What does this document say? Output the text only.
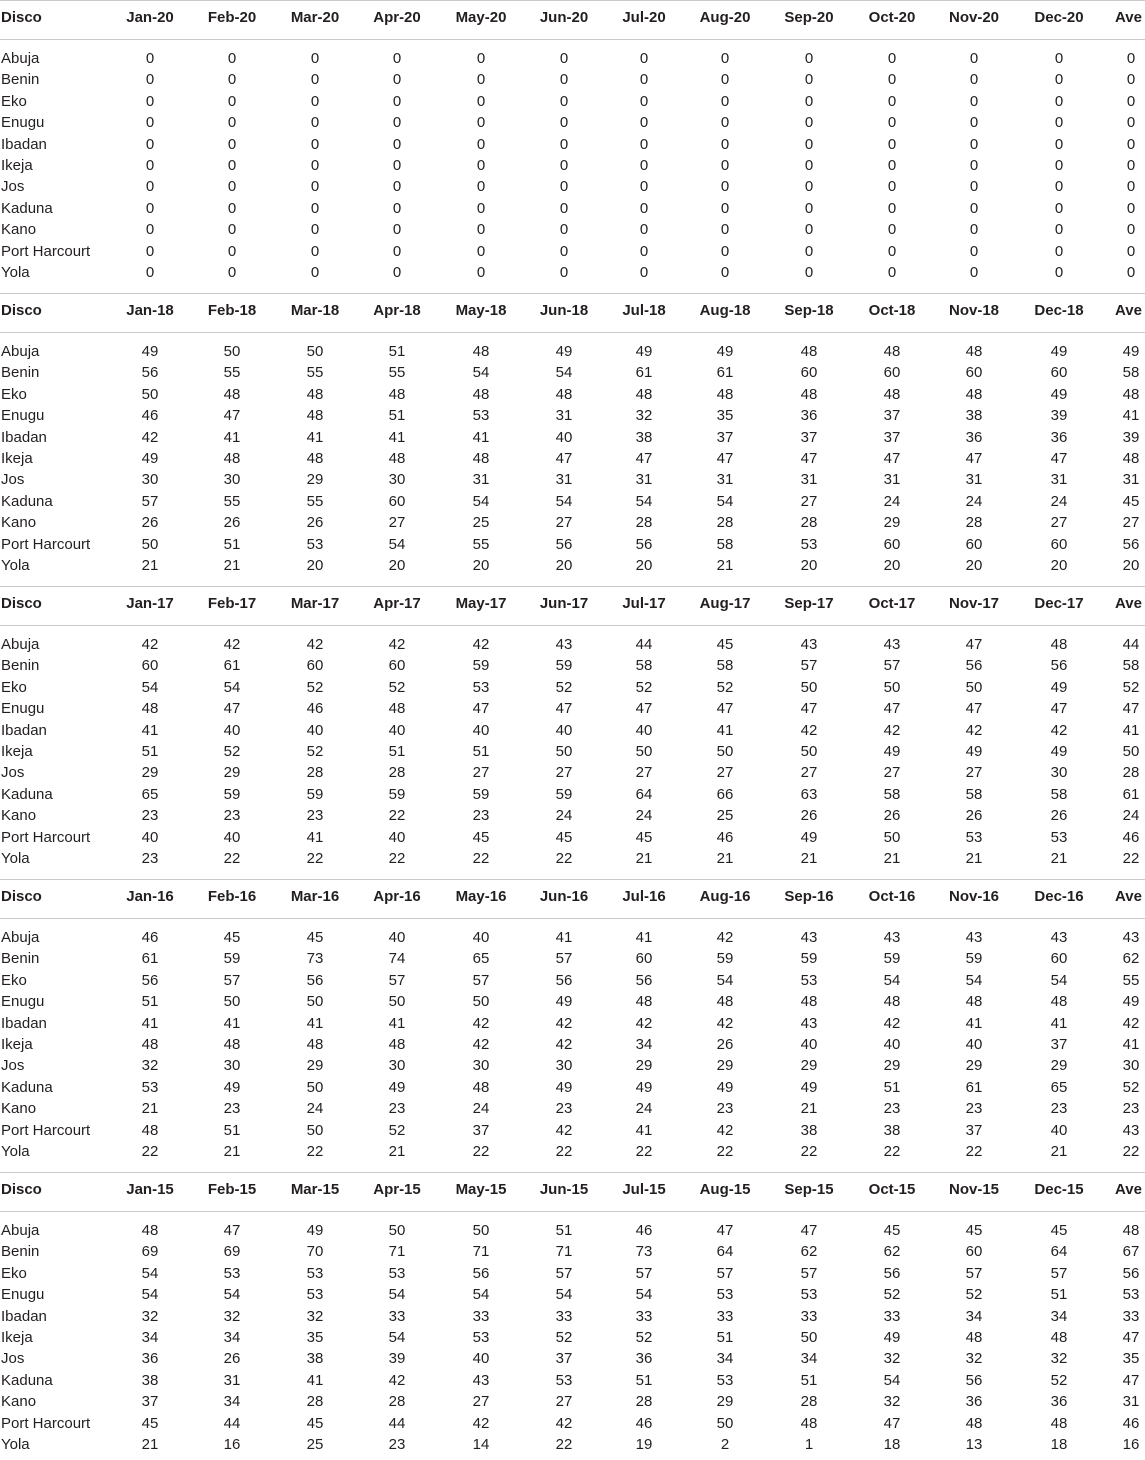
Disco	Jan-20	Feb-20	Mar-20	Apr-20	May-20	Jun-20	Jul-20	Aug-20	Sep-20	Oct-20	Nov-20	Dec-20	Ave
Abuja	0	0	0	0	0	0	0	0	0	0	0	0	0
Benin	0	0	0	0	0	0	0	0	0	0	0	0	0
Eko	0	0	0	0	0	0	0	0	0	0	0	0	0
Enugu	0	0	0	0	0	0	0	0	0	0	0	0	0
Ibadan	0	0	0	0	0	0	0	0	0	0	0	0	0
Ikeja	0	0	0	0	0	0	0	0	0	0	0	0	0
Jos	0	0	0	0	0	0	0	0	0	0	0	0	0
Kaduna	0	0	0	0	0	0	0	0	0	0	0	0	0
Kano	0	0	0	0	0	0	0	0	0	0	0	0	0
Port Harcourt	0	0	0	0	0	0	0	0	0	0	0	0	0
Yola	0	0	0	0	0	0	0	0	0	0	0	0	0
Disco	Jan-18	Feb-18	Mar-18	Apr-18	May-18	Jun-18	Jul-18	Aug-18	Sep-18	Oct-18	Nov-18	Dec-18	Ave
Abuja	49	50	50	51	48	49	49	49	48	48	48	49	49
Benin	56	55	55	55	54	54	61	61	60	60	60	60	58
Eko	50	48	48	48	48	48	48	48	48	48	48	49	48
Enugu	46	47	48	51	53	31	32	35	36	37	38	39	41
Ibadan	42	41	41	41	41	40	38	37	37	37	36	36	39
Ikeja	49	48	48	48	48	47	47	47	47	47	47	47	48
Jos	30	30	29	30	31	31	31	31	31	31	31	31	31
Kaduna	57	55	55	60	54	54	54	54	27	24	24	24	45
Kano	26	26	26	27	25	27	28	28	28	29	28	27	27
Port Harcourt	50	51	53	54	55	56	56	58	53	60	60	60	56
Yola	21	21	20	20	20	20	20	21	20	20	20	20	20
Disco	Jan-17	Feb-17	Mar-17	Apr-17	May-17	Jun-17	Jul-17	Aug-17	Sep-17	Oct-17	Nov-17	Dec-17	Ave
Abuja	42	42	42	42	42	43	44	45	43	43	47	48	44
Benin	60	61	60	60	59	59	58	58	57	57	56	56	58
Eko	54	54	52	52	53	52	52	52	50	50	50	49	52
Enugu	48	47	46	48	47	47	47	47	47	47	47	47	47
Ibadan	41	40	40	40	40	40	40	41	42	42	42	42	41
Ikeja	51	52	52	51	51	50	50	50	50	49	49	49	50
Jos	29	29	28	28	27	27	27	27	27	27	27	30	28
Kaduna	65	59	59	59	59	59	64	66	63	58	58	58	61
Kano	23	23	23	22	23	24	24	25	26	26	26	26	24
Port Harcourt	40	40	41	40	45	45	45	46	49	50	53	53	46
Yola	23	22	22	22	22	22	21	21	21	21	21	21	22
Disco	Jan-16	Feb-16	Mar-16	Apr-16	May-16	Jun-16	Jul-16	Aug-16	Sep-16	Oct-16	Nov-16	Dec-16	Ave
Abuja	46	45	45	40	40	41	41	42	43	43	43	43	43
Benin	61	59	73	74	65	57	60	59	59	59	59	60	62
Eko	56	57	56	57	57	56	56	54	53	54	54	54	55
Enugu	51	50	50	50	50	49	48	48	48	48	48	48	49
Ibadan	41	41	41	41	42	42	42	42	43	42	41	41	42
Ikeja	48	48	48	48	42	42	34	26	40	40	40	37	41
Jos	32	30	29	30	30	30	29	29	29	29	29	29	30
Kaduna	53	49	50	49	48	49	49	49	49	51	61	65	52
Kano	21	23	24	23	24	23	24	23	21	23	23	23	23
Port Harcourt	48	51	50	52	37	42	41	42	38	38	37	40	43
Yola	22	21	22	21	22	22	22	22	22	22	22	21	22
Disco	Jan-15	Feb-15	Mar-15	Apr-15	May-15	Jun-15	Jul-15	Aug-15	Sep-15	Oct-15	Nov-15	Dec-15	Ave
Abuja	48	47	49	50	50	51	46	47	47	45	45	45	48
Benin	69	69	70	71	71	71	73	64	62	62	60	64	67
Eko	54	53	53	53	56	57	57	57	57	56	57	57	56
Enugu	54	54	53	54	54	54	54	53	53	52	52	51	53
Ibadan	32	32	32	33	33	33	33	33	33	33	34	34	33
Ikeja	34	34	35	54	53	52	52	51	50	49	48	48	47
Jos	36	26	38	39	40	37	36	34	34	32	32	32	35
Kaduna	38	31	41	42	43	53	51	53	51	54	56	52	47
Kano	37	34	28	28	27	27	28	29	28	32	36	36	31
Port Harcourt	45	44	45	44	42	42	46	50	48	47	48	48	46
Yola	21	16	25	23	14	22	19	2	1	18	13	18	16
